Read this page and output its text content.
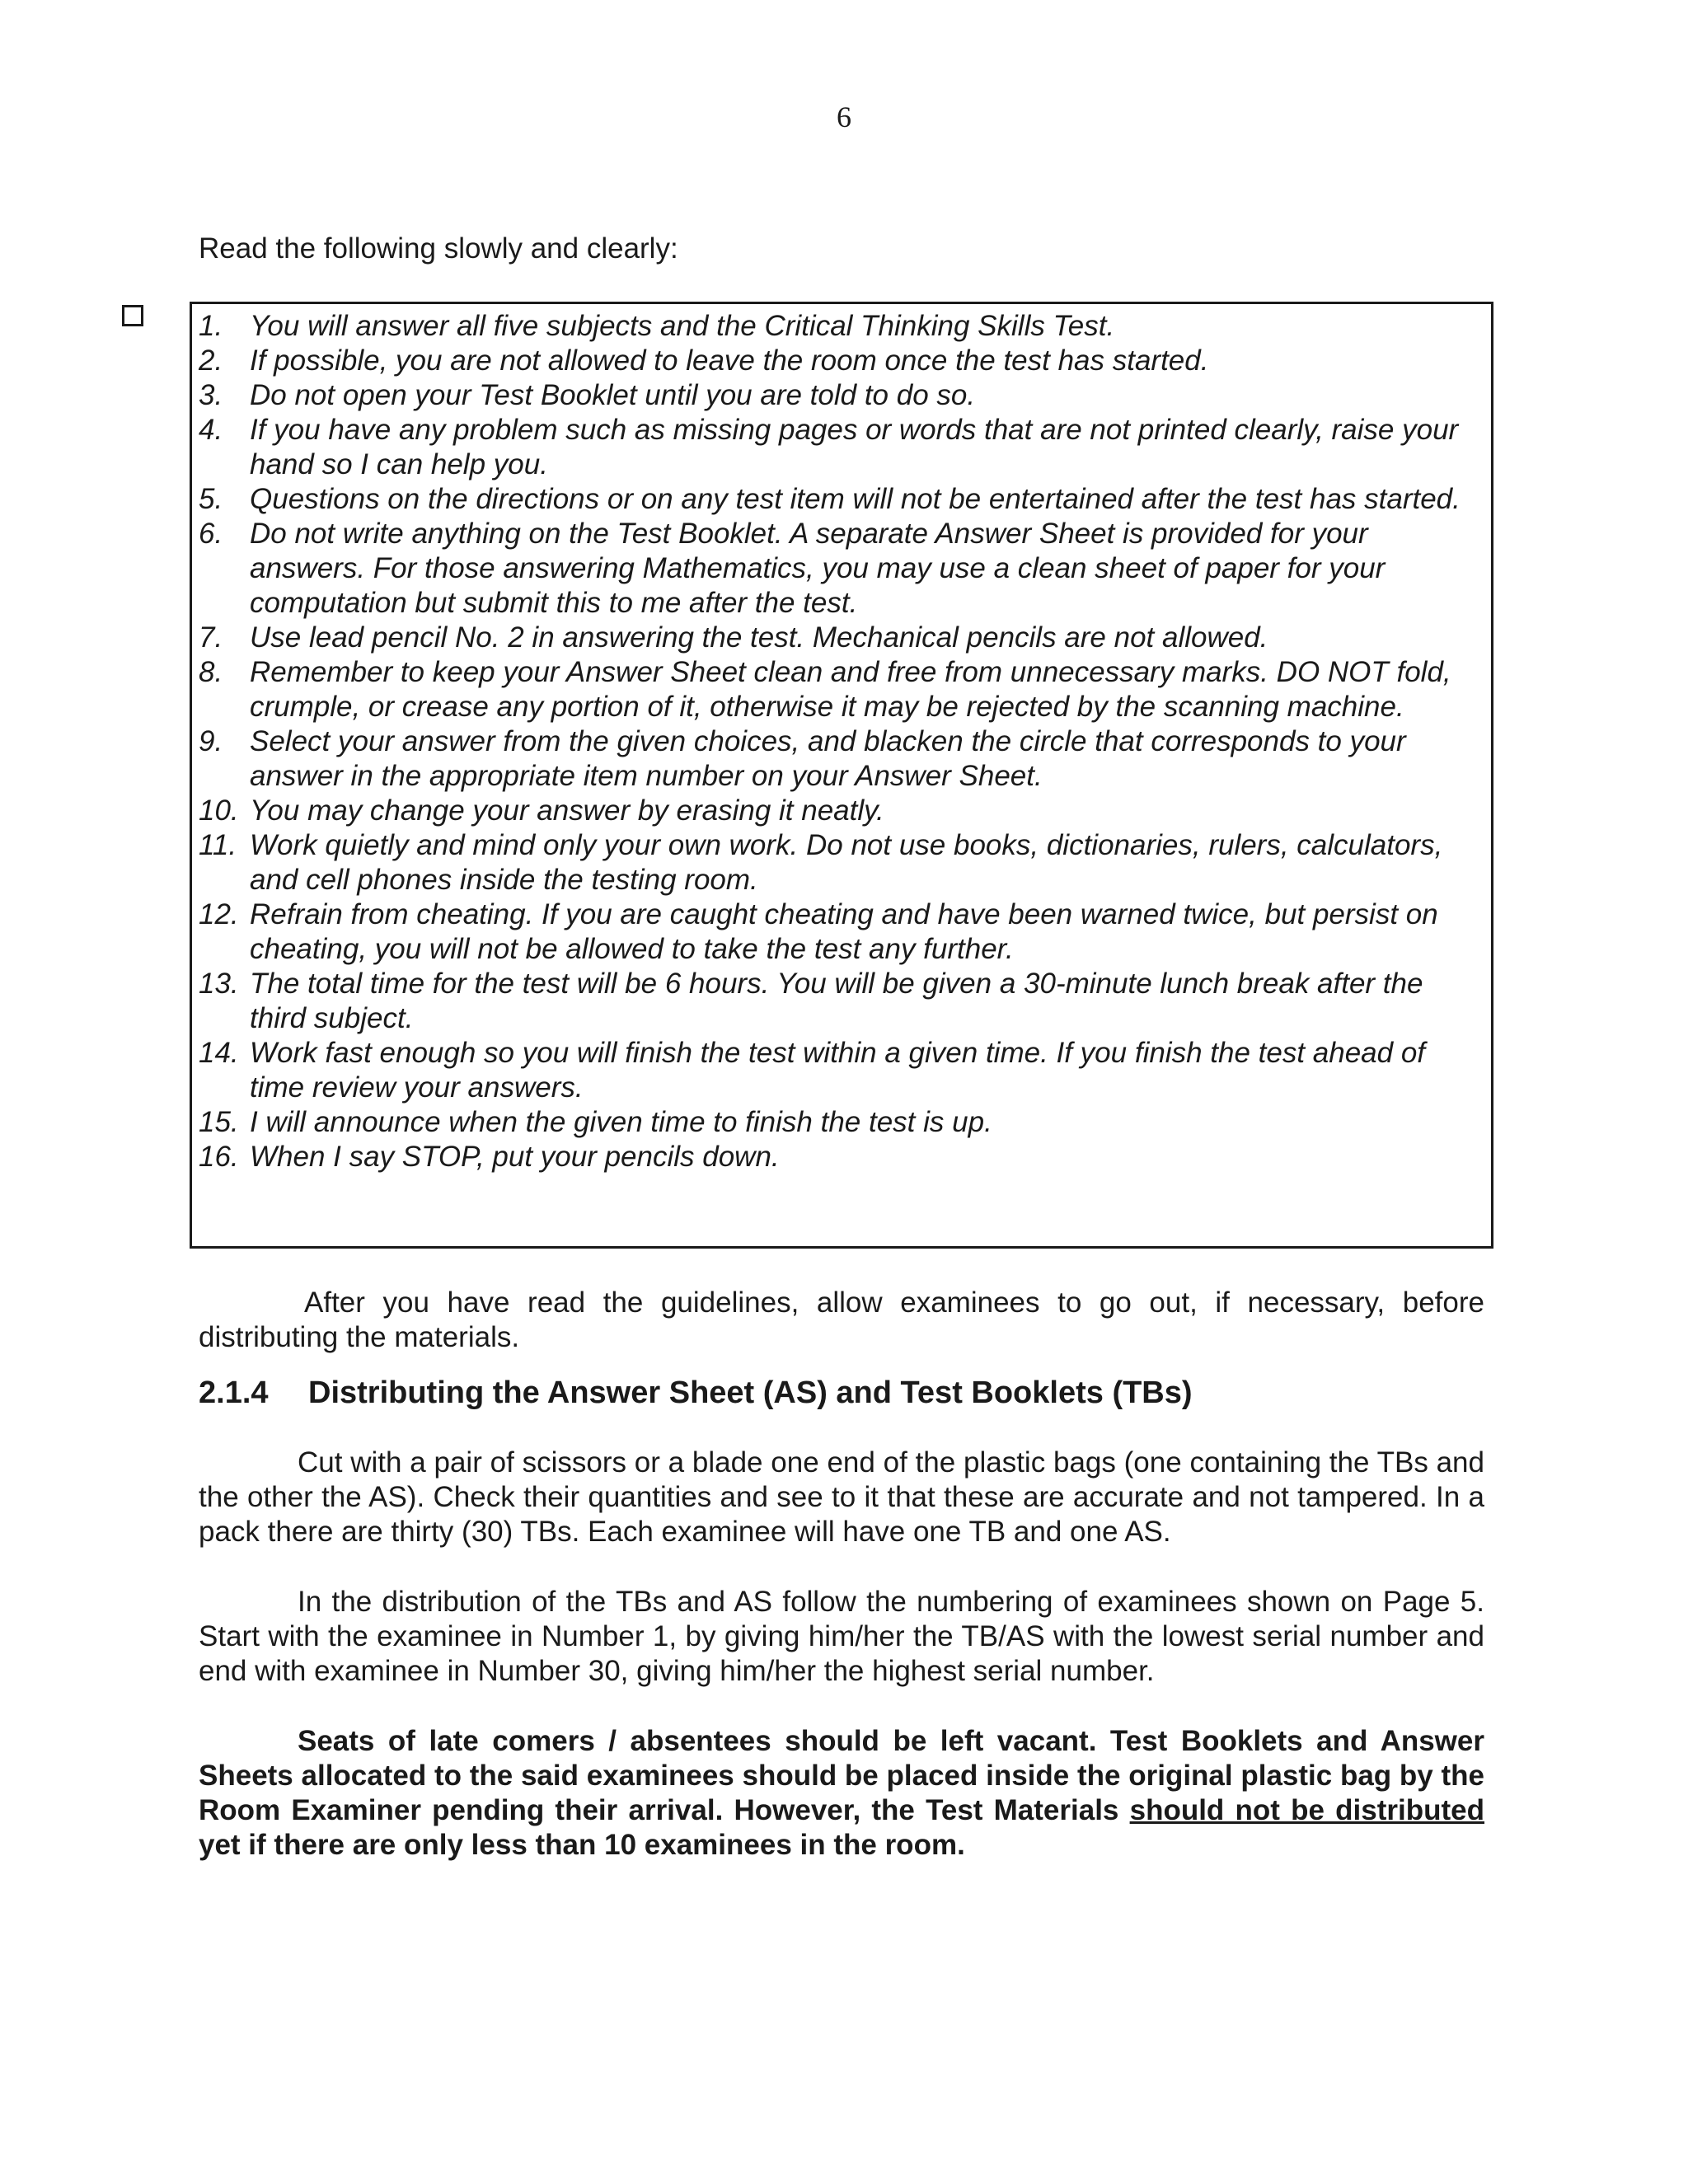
6
Read the following slowly and clearly:
1. You will answer all five subjects and the Critical Thinking Skills Test.
2. If possible, you are not allowed to leave the room once the test has started.
3. Do not open your Test Booklet until you are told to do so.
4. If you have any problem such as missing pages or words that are not printed clearly, raise your hand so I can help you.
5. Questions on the directions or on any test item will not be entertained after the test has started.
6. Do not write anything on the Test Booklet. A separate Answer Sheet is provided for your answers. For those answering Mathematics, you may use a clean sheet of paper for your computation but submit this to me after the test.
7. Use lead pencil No. 2 in answering the test. Mechanical pencils are not allowed.
8. Remember to keep your Answer Sheet clean and free from unnecessary marks. DO NOT fold, crumple, or crease any portion of it, otherwise it may be rejected by the scanning machine.
9. Select your answer from the given choices, and blacken the circle that corresponds to your answer in the appropriate item number on your Answer Sheet.
10. You may change your answer by erasing it neatly.
11. Work quietly and mind only your own work. Do not use books, dictionaries, rulers, calculators, and cell phones inside the testing room.
12. Refrain from cheating. If you are caught cheating and have been warned twice, but persist on cheating, you will not be allowed to take the test any further.
13. The total time for the test will be 6 hours. You will be given a 30-minute lunch break after the third subject.
14. Work fast enough so you will finish the test within a given time. If you finish the test ahead of time review your answers.
15. I will announce when the given time to finish the test is up.
16. When I say STOP, put your pencils down.

After you have read the guidelines, allow examinees to go out, if necessary, before distributing the materials.

2.1.4 Distributing the Answer Sheet (AS) and Test Booklets (TBs)

Cut with a pair of scissors or a blade one end of the plastic bags (one containing the TBs and the other the AS). Check their quantities and see to it that these are accurate and not tampered. In a pack there are thirty (30) TBs. Each examinee will have one TB and one AS.

In the distribution of the TBs and AS follow the numbering of examinees shown on Page 5. Start with the examinee in Number 1, by giving him/her the TB/AS with the lowest serial number and end with examinee in Number 30, giving him/her the highest serial number.

Seats of late comers / absentees should be left vacant. Test Booklets and Answer Sheets allocated to the said examinees should be placed inside the original plastic bag by the Room Examiner pending their arrival. However, the Test Materials should not be distributed yet if there are only less than 10 examinees in the room.
